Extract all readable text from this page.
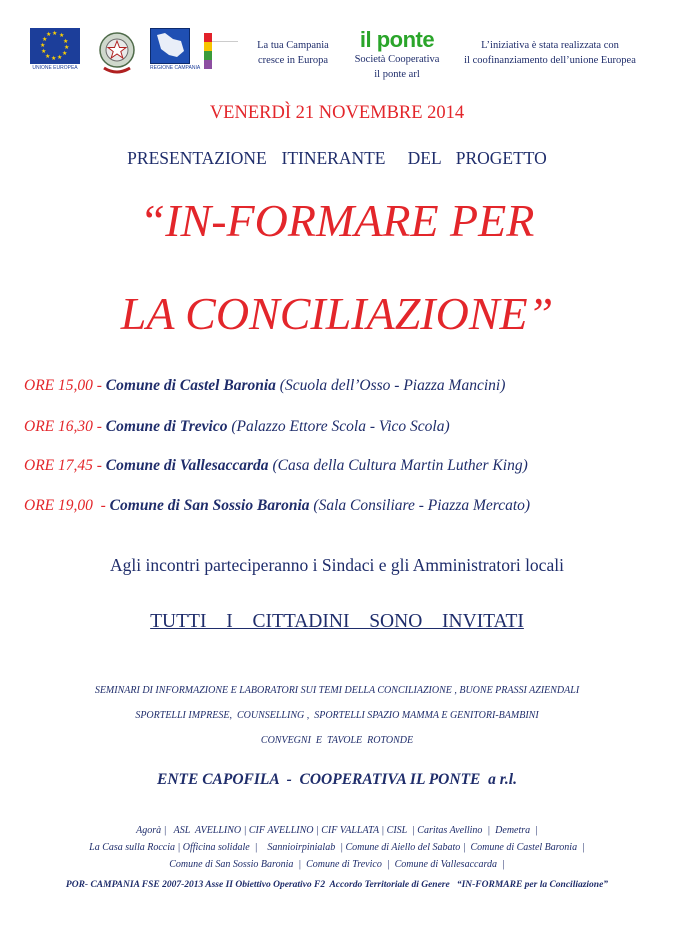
★ ★
★
★
★
★
★
★
★
★
★
★
UNIONE EUROPEA	REGIONE CAMPANIA
La tua Campania
cresce in Europa
il ponte
Società Cooperativa
il ponte arl
L’iniziativa è stata realizzata con
il coofinanziamento dell’unione Europea
VENERDÌ 21 NOVEMBRE 2014
PRESENTAZIONE  ITINERANTE   DEL  PROGETTO
“IN-FORMARE PER
LA CONCILIAZIONE”
ORE 15,00 - Comune di Castel Baronia (Scuola dell’Osso - Piazza Mancini)
ORE 16,30 - Comune di Trevico (Palazzo Ettore Scola - Vico Scola)
ORE 17,45 - Comune di Vallesaccarda (Casa della Cultura Martin Luther King)
ORE 19,00  - Comune di San Sossio Baronia (Sala Consiliare - Piazza Mercato)
Agli incontri parteciperanno i Sindaci e gli Amministratori locali
TUTTI  I  CITTADINI  SONO  INVITATI
SEMINARI DI INFORMAZIONE E LABORATORI SUI TEMI DELLA CONCILIAZIONE , BUONE PRASSI AZIENDALI
SPORTELLI IMPRESE,  COUNSELLING ,  SPORTELLI SPAZIO MAMMA E GENITORI-BAMBINI
CONVEGNI  E  TAVOLE  ROTONDE
ENTE CAPOFILA  -  COOPERATIVA IL PONTE  a r.l.
Agorà |   ASL  AVELLINO | CIF AVELLINO | CIF VALLATA | CISL  | Caritas Avellino  |  Demetra  |
La Casa sulla Roccia | Officina solidale  |    Sannioirpinialab  | Comune di Aiello del Sabato |  Comune di Castel Baronia  |
Comune di San Sossio Baronia  |  Comune di Trevico  |  Comune di Vallesaccarda  |
POR- CAMPANIA FSE 2007-2013 Asse II Obiettivo Operativo F2  Accordo Territoriale di Genere   “IN-FORMARE per la Conciliazione”
